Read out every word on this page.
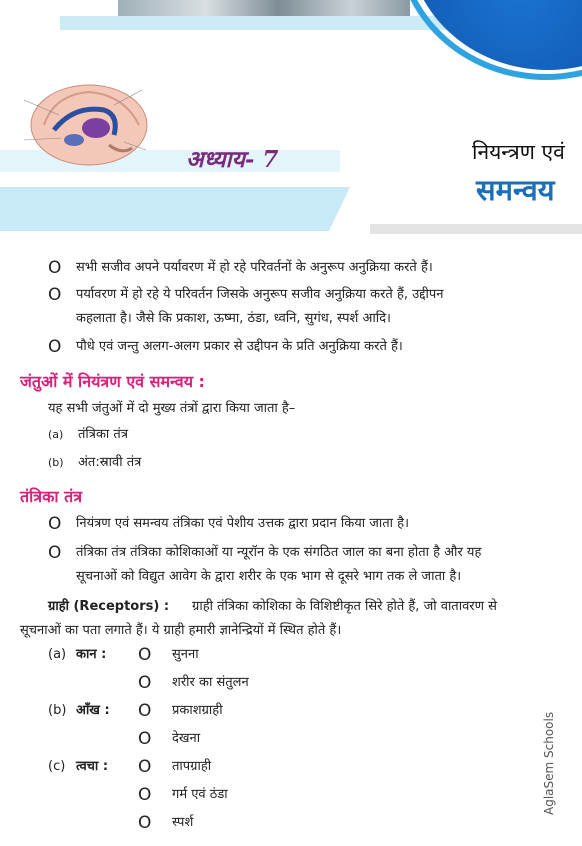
अध्याय- 7	नियन्त्रण एवं
समन्वय
O सभी सजीव अपने पर्यावरण में हो रहे परिवर्तनों के अनुरूप अनुक्रिया करते हैं।
O पर्यावरण में हो रहे ये परिवर्तन जिसके अनुरूप सजीव अनुक्रिया करते हैं, उद्दीपन
कहलाता है। जैसे कि प्रकाश, ऊष्मा, ठंडा, ध्वनि, सुगंध, स्पर्श आदि।
O पौधे एवं जन्तु अलग-अलग प्रकार से उद्दीपन के प्रति अनुक्रिया करते हैं।
जंतुओं में नियंत्रण एवं समन्वय :
यह सभी जंतुओं में दो मुख्य तंत्रों द्वारा किया जाता है–
(a) तंत्रिका तंत्र
(b) अंत:स्रावी तंत्र
तंत्रिका तंत्र
O नियंत्रण एवं समन्वय तंत्रिका एवं पेशीय उत्तक द्वारा प्रदान किया जाता है।
O तंत्रिका तंत्र तंत्रिका कोशिकाओं या न्यूरॉन के एक संगठित जाल का बना होता है और यह
सूचनाओं को विद्युत आवेग के द्वारा शरीर के एक भाग से दूसरे भाग तक ले जाता है।
ग्राही (Receptors) : ग्राही तंत्रिका कोशिका के विशिष्टीकृत सिरे होते हैं, जो वातावरण से
सूचनाओं का पता लगाते हैं। ये ग्राही हमारी ज्ञानेन्द्रियों में स्थित होते हैं।
(a) कान : O सुनना
O शरीर का संतुलन
(b) आँख : O प्रकाशग्राही
O देखना
(c) त्वचा : O तापग्राही
O गर्म एवं ठंडा
O स्पर्श
AglaSem Schools
